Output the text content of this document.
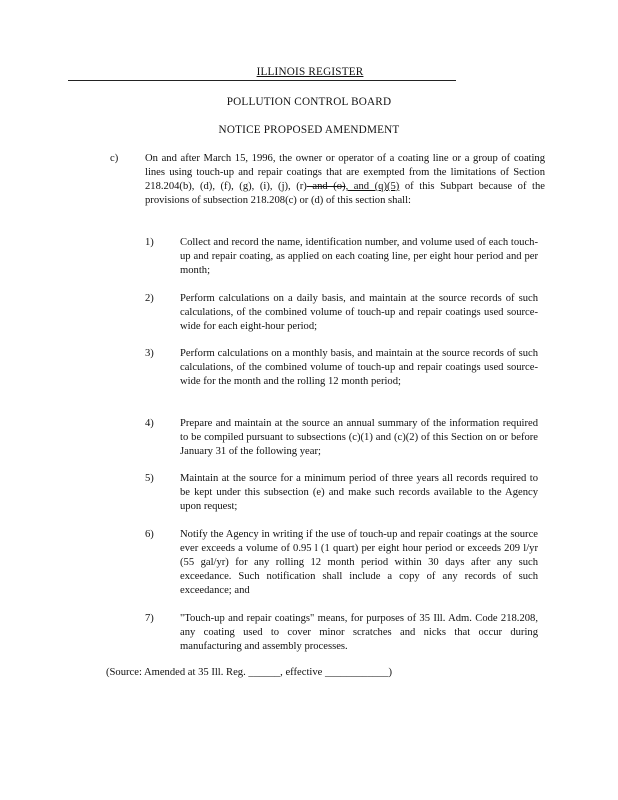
ILLINOIS REGISTER
POLLUTION CONTROL BOARD
NOTICE PROPOSED AMENDMENT
c)	On and after March 15, 1996, the owner or operator of a coating line or a group of coating lines using touch-up and repair coatings that are exempted from the limitations of Section 218.204(b), (d), (f), (g), (i), (j), (r) and (o), and (q)(5) of this Subpart because of the provisions of subsection 218.208(c) or (d) of this section shall:
1) Collect and record the name, identification number, and volume used of each touch-up and repair coating, as applied on each coating line, per eight hour period and per month;
2) Perform calculations on a daily basis, and maintain at the source records of such calculations, of the combined volume of touch-up and repair coatings used source-wide for each eight-hour period;
3) Perform calculations on a monthly basis, and maintain at the source records of such calculations, of the combined volume of touch-up and repair coatings used source-wide for the month and the rolling 12 month period;
4) Prepare and maintain at the source an annual summary of the information required to be compiled pursuant to subsections (c)(1) and (c)(2) of this Section on or before January 31 of the following year;
5) Maintain at the source for a minimum period of three years all records required to be kept under this subsection (e) and make such records available to the Agency upon request;
6) Notify the Agency in writing if the use of touch-up and repair coatings at the source ever exceeds a volume of 0.95 l (1 quart) per eight hour period or exceeds 209 l/yr (55 gal/yr) for any rolling 12 month period within 30 days after any such exceedance. Such notification shall include a copy of any records of such exceedance; and
7) "Touch-up and repair coatings" means, for purposes of 35 Ill. Adm. Code 218.208, any coating used to cover minor scratches and nicks that occur during manufacturing and assembly processes.
(Source: Amended at 35 Ill. Reg. ______, effective ____________)
